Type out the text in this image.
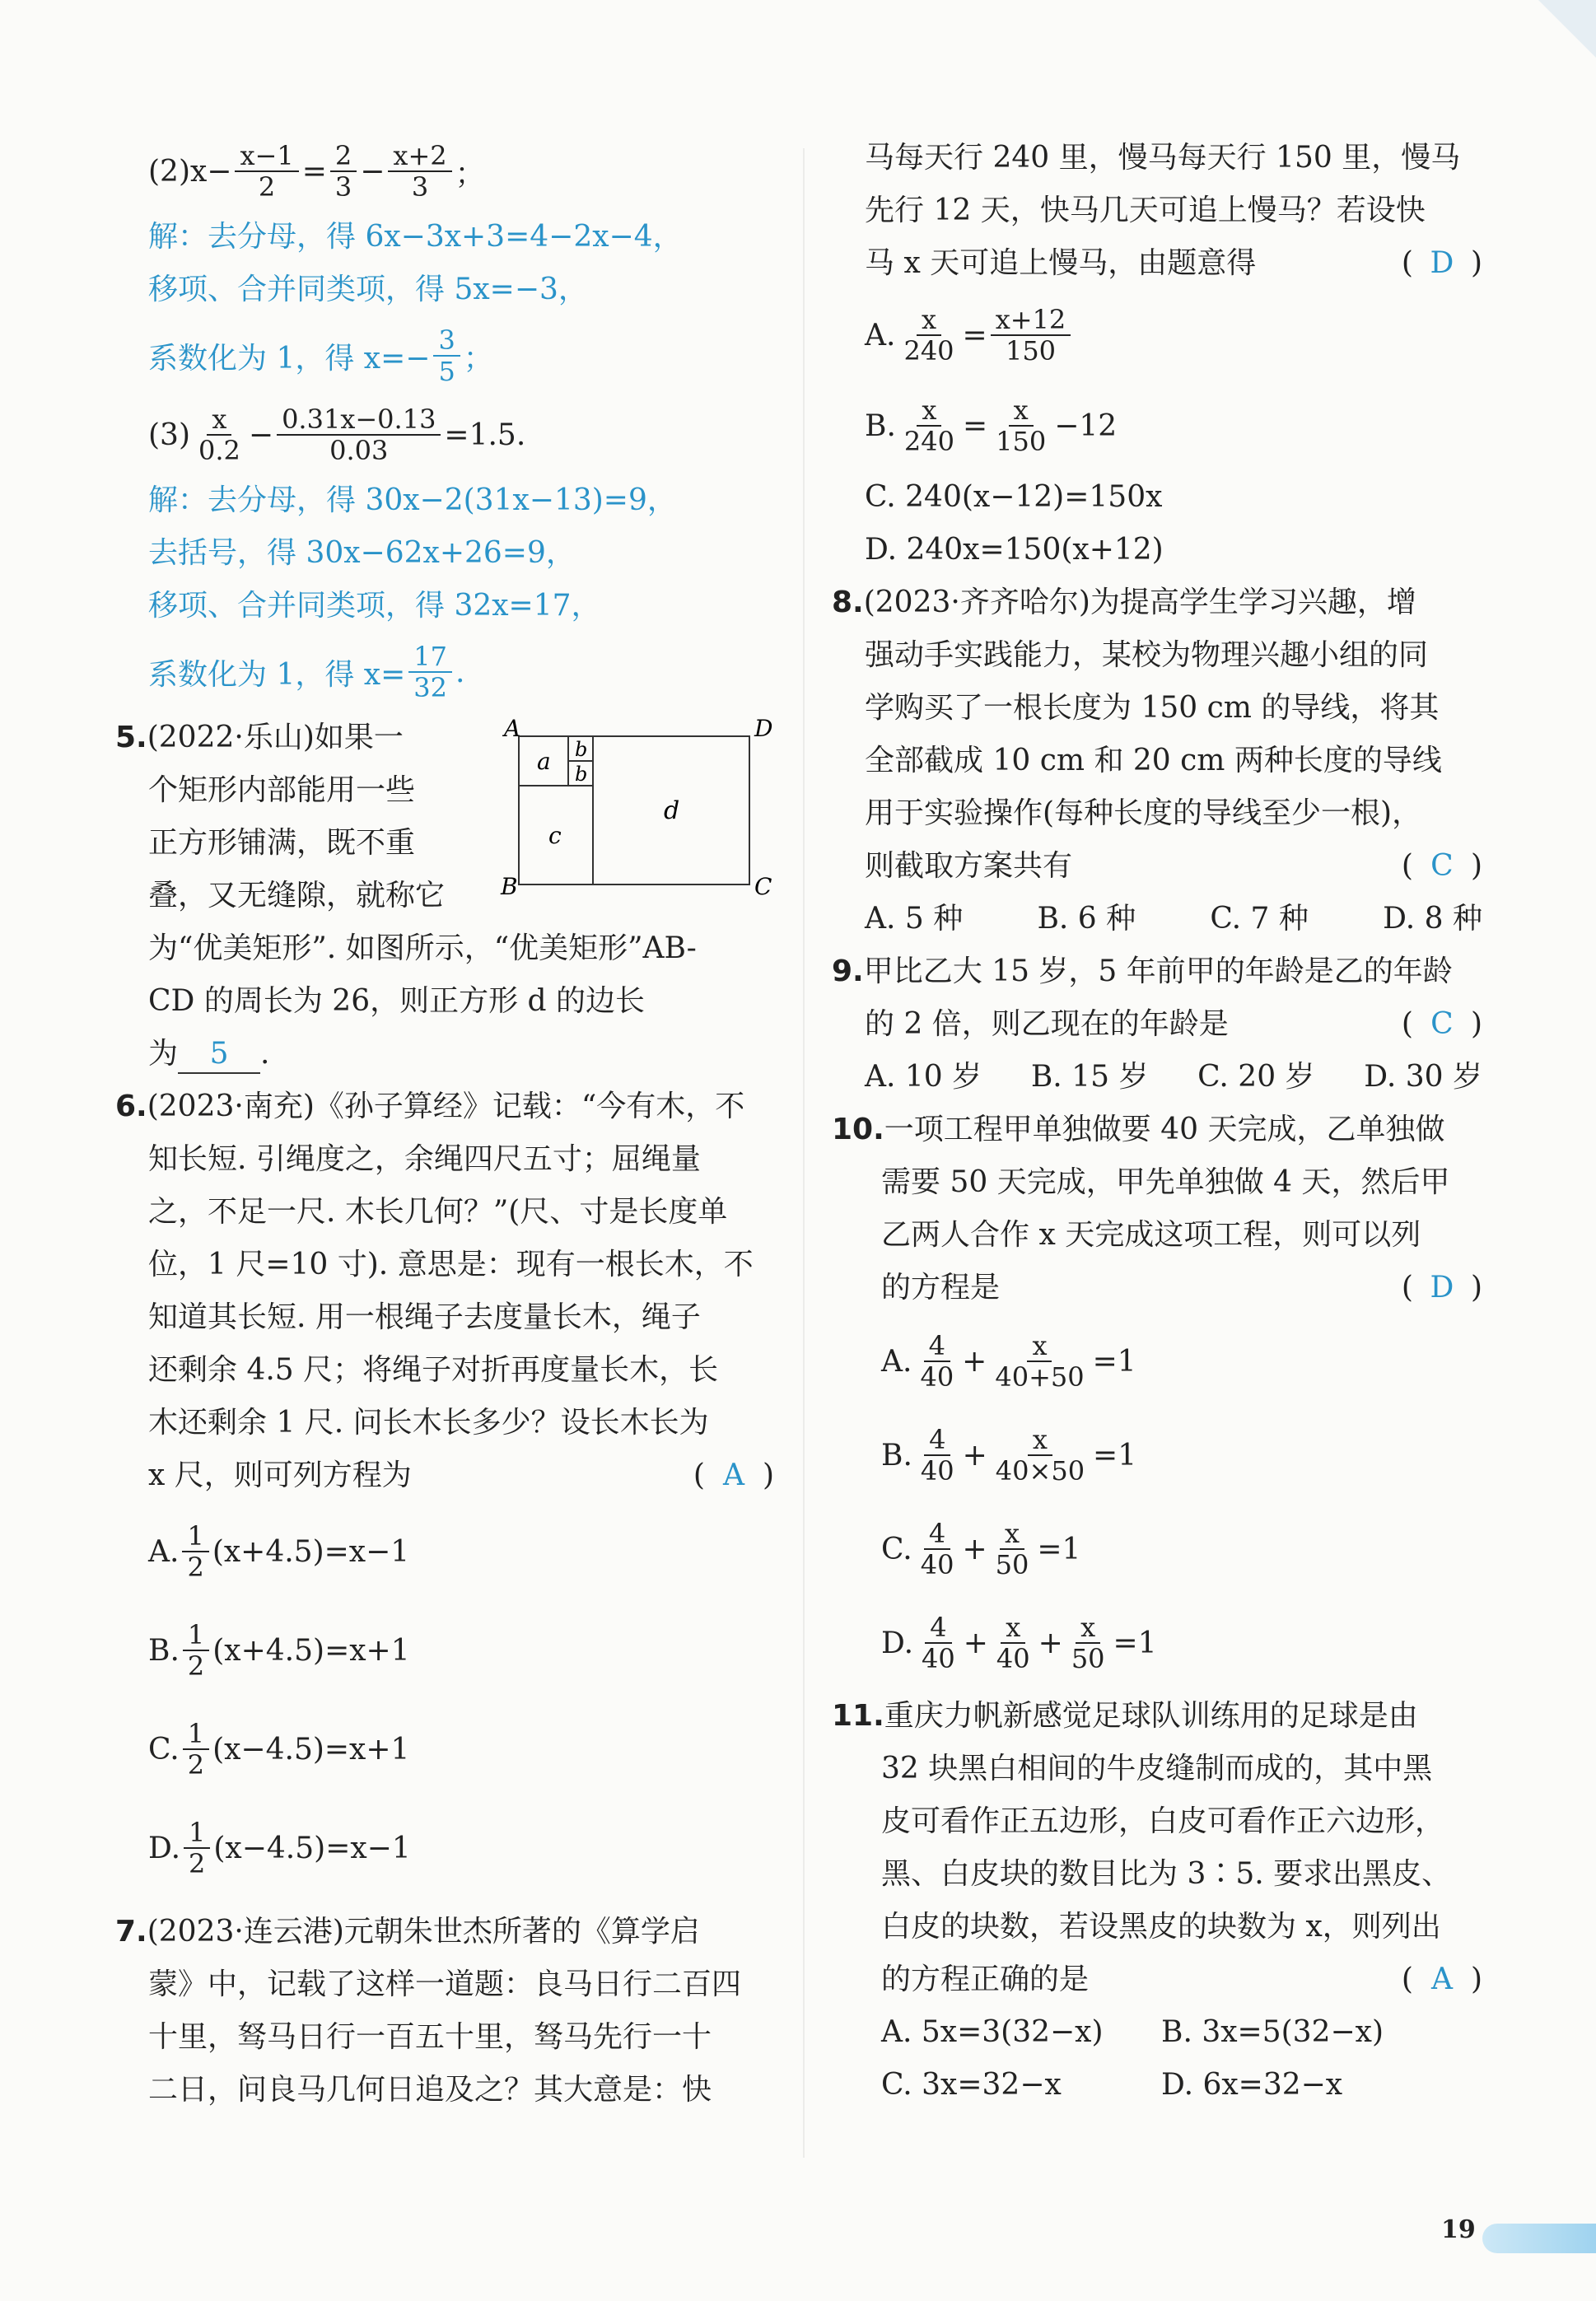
(2) $x- \frac{x-1}{2} = \frac{2}{3} - \frac{x+2}{3}$ ；
解：去分母，得 6x−3x+3=4−2x−4，
移项、合并同类项，得 5x=−3，
系数化为 1，得 $x=- \frac{3}{5}$ ；
$(3) \frac{x}{0.2} - \frac{0.31x-0.13}{0.03} =1.5$.
解：去分母，得 30x−2(31x−13)=9，
去括号，得 30x−62x+26=9，
移项、合并同类项，得 32x=17，
系数化为 1，得 $x= \frac{17}{32}$ .
5.(2022·乐山)如果一
个矩形内部能用一些
正方形铺满，既不重
叠，又无缝隙，就称它
A	D
B	C
a b
b
c
d
为“优美矩形”. 如图所示，“优美矩形”AB-
CD 的周长为 26，则正方形 d 的边长
为 5 .
6.(2023·南充)《孙子算经》记载：“今有木，不
知长短. 引绳度之，余绳四尺五寸；屈绳量
之，不足一尺. 木长几何？”(尺、寸是长度单
位，1 尺=10 寸). 意思是：现有一根长木，不
知道其长短. 用一根绳子去度量长木，绳子
还剩余 4.5 尺；将绳子对折再度量长木，长
木还剩余 1 尺. 问长木长多少？设长木长为
x 尺，则可列方程为	( A )
A. $\frac{1}{2} (x+4.5)=x-1$
B. $\frac{1}{2} (x+4.5)=x+1$
C. $\frac{1}{2} (x-4.5)=x+1$
D. $\frac{1}{2} (x-4.5)=x-1$
7.(2023·连云港)元朝朱世杰所著的《算学启
蒙》中，记载了这样一道题：良马日行二百四
十里，驽马日行一百五十里，驽马先行一十
二日，问良马几何日追及之？其大意是：快
马每天行 240 里，慢马每天行 150 里，慢马
先行 12 天，快马几天可追上慢马？若设快
马 x 天可追上慢马，由题意得	( D )
A. $\frac{x}{240} = \frac{x+12}{150}$
B. $\frac{x}{240} = \frac{x}{150} -12$
C. 240(x−12)=150x
D. 240x=150(x+12)
8.(2023·齐齐哈尔)为提高学生学习兴趣，增
强动手实践能力，某校为物理兴趣小组的同
学购买了一根长度为 150 cm 的导线，将其
全部截成 10 cm 和 20 cm 两种长度的导线
用于实验操作(每种长度的导线至少一根)，
则截取方案共有	( C )
A. 5 种	B. 6 种	C. 7 种	D. 8 种
9.甲比乙大 15 岁，5 年前甲的年龄是乙的年龄
的 2 倍，则乙现在的年龄是	( C )
A. 10 岁 B. 15 岁 C. 20 岁 D. 30 岁
10.一项工程甲单独做要 40 天完成，乙单独做
需要 50 天完成，甲先单独做 4 天，然后甲
乙两人合作 x 天完成这项工程，则可以列
的方程是	( D )
A. $\frac{4}{40} + \frac{x}{40+50} =1$
B. $\frac{4}{40} + \frac{x}{40\times 50} =1$
C. $\frac{4}{40} + \frac{x}{50} =1$
D. $\frac{4}{40} + \frac{x}{40} + \frac{x}{50} =1$
11.重庆力帆新感觉足球队训练用的足球是由
32 块黑白相间的牛皮缝制而成的，其中黑
皮可看作正五边形，白皮可看作正六边形，
黑、白皮块的数目比为 3∶5. 要求出黑皮、
白皮的块数，若设黑皮的块数为 x，则列出
的方程正确的是	( A )
A. 5x=3(32−x) B. 3x=5(32−x)
C. 3x=32−x	D. 6x=32−x
19
